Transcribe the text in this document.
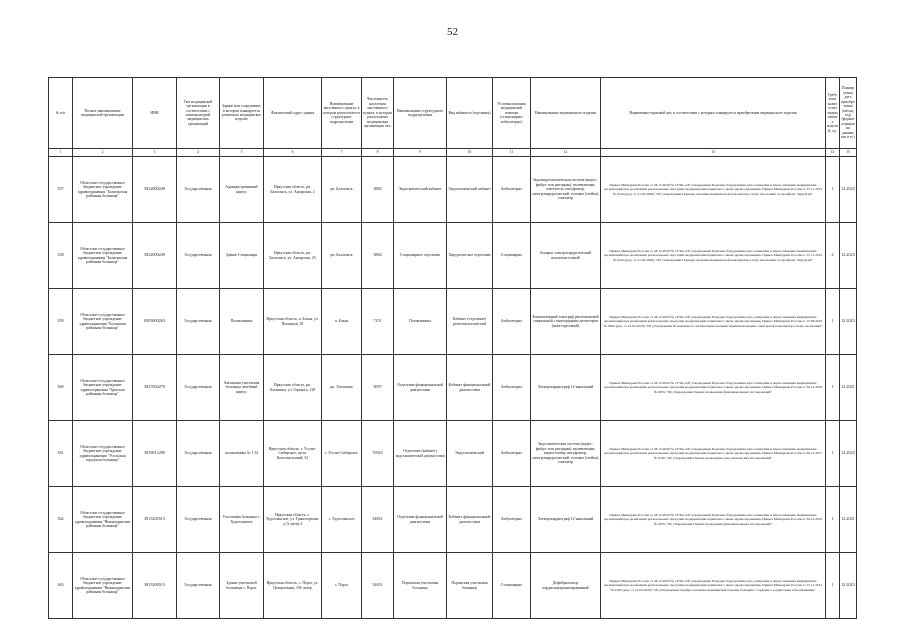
52
№ п/п	Полное наименование медицинской организации	ИНН	Тип медицинской организации в соответствии с номенклатурой медицинских организаций	Здание или сооружение, в котором планируется размещать медицинское изделие	Фактический адрес здания	Наименование населённого пункта, в котором располагается структурное подразделение	Численность населения населённого пункта, в котором расположена медицинская организация чел.	Наименование структурного подразделения	Вид кабинета (отделения)	Условия оказания медицинской помощи (стационарно/амбулаторно)	Наименование медицинского изделия	Нормативно-правовой акт, в соответствии с которым планируется приобретение медицинского изделия	Требуемое количество медицинских изделий, ед.	Планируемая дата приобретения (месяц, год) (формат отражения данных мм.гггг.)
1	2	3	4	5	6	7	8	9	10	11	12	13	14	15
357	Областное государственное бюджетное учреждение здравоохранения "Балаганская районная больница"	3822000249	Государственная	Административный корпус	Иркутская область, рп. Балаганск, ул. Ангарская, 2	рп. Балаганск	3882	Эндоскопический кабинет	Эндоскопический кабинет	Амбулаторно	Эндовидеоскопическая система (видео-, фибро- или ригидная), включающая: осветитель, инсуфлятор, электрохирургический, тележка (стойка), тонометр	Приказ Минздрава России от 28.12.2020 № 1379н «Об утверждении Перечня оборудования для оснащения и переоснащения медицинских организаций при реализации региональных программ модернизации первичного звена здравоохранения» Приказ Минздрава России от 15.11.2012 № 922н (ред. от 21.02.2020) "Об утверждении Порядка оказания медицинской помощи взрослому населению по профилю "хирургия"	1	12.2023
358	Областное государственное бюджетное учреждение здравоохранения "Балаганская районная больница"	3822000249	Государственная	Здание Стационара	Иркутская область, рп. Балаганск, ул. Ангарская, 25	рп. Балаганск	3882	Стационарное отделение	Хирургическое отделение	Стационарно	Аппарат электрохирургический высокочастотный	Приказ Минздрава России от 28.12.2020 № 1379н «Об утверждении Перечня оборудования для оснащения и переоснащения медицинских организаций при реализации региональных программ модернизации первичного звена здравоохранения» Приказ Минздрава России от 15.11.2012 № 922н (ред. от 21.02.2020) "Об утверждении Порядка оказания медицинской помощи взрослому населению по профилю "хирургия"	4	12.2023
359	Областное государственное бюджетное учреждение здравоохранения "Боханская районная больница"	8503000263	Государственная	Поликлиника	Иркутская область, п. Бохан, ул. Пионеров, 28	п. Бохан	7151	Поликлиника	Кабинет (отделение) рентгенологический	Амбулаторно	Компьютерный томограф рентгеновский спиральный с многорядным детектором (многосрезовый)	Приказ Минздрава России от 28.12.2020 № 1379н «Об утверждении Перечня оборудования для оснащения и переоснащения медицинских организаций при реализации региональных программ модернизации первичного звена здравоохранения» Приказ Минздрава России от 15.06.2022 № 560н (ред. от 21.02.2020) "Об утверждении Положения об организации оказания первичной медико-санитарной помощи взрослому населению"	1	12.2023
360	Областное государственное бюджетное учреждение здравоохранения "Братская районная больница"	3827004279	Государственная	Анганская участковая больница лечебный корпус	Иркутская область, рп. Хагашица, ул. Горького, 128	рп. Хагашица	3097	Отделение функциональной диагностики	Кабинет функциональной диагностики	Амбулаторно	Электрокардиограф 12-канальный	Приказ Минздрава России от 28.12.2020 № 1379н «Об утверждении Перечня оборудования для оснащения и переоснащения медицинских организаций при реализации региональных программ модернизации первичного звена здравоохранения» Приказ Минздрава России от 26.12.2016 № 997н "Об утверждении Правил проведения функциональных исследований"	1	12.2021
361	Областное государственное бюджетное учреждение здравоохранения "Усольская городская больница"	3819012290	Государственная	поликлиника № 1 54	Иркутская область, г. Усолье-Сибирское, пр-кт Комсомольский, 54	г. Усолье-Сибирское	76925	Отделение (кабинет) эндоскопической диагностики	Эндоскопический	Амбулаторно	Эндоскопическая система (видео-, фибро- или ригидная), включающая: видеоголовку, инсуфлятор, электрохирургический, тележка (стойка), тонометр	Приказ Минздрава России от 28.12.2020 № 1379н «Об утверждении Перечня оборудования для оснащения и переоснащения медицинских организаций при реализации региональных программ модернизации первичного звена здравоохранения» Приказ Минздрава России от 06.12.2017 № 974н "Об утверждении Правил проведения эндоскопических исследований"	1	12.2023
362	Областное государственное бюджетное учреждение здравоохранения "Нижнеудинская районная больница"	3813200515	Государственная	Участковая больница с. Худоеланское	Иркутская область, с. Худоеланское, ул. Транспортная, д.7а литер 2	с. Худоеланское	34651	Отделение функциональной диагностики	Кабинет функциональной диагностики	Амбулаторно	Электрокардиограф 12-канальный	Приказ Минздрава России от 28.12.2020 № 1379н «Об утверждении Перечня оборудования для оснащения и переоснащения медицинских организаций при реализации региональных программ модернизации первичного звена здравоохранения» Приказ Минздрава России от 26.12.2016 № 997н "Об утверждении Правил проведения функциональных исследований"	1	12.2021
363	Областное государственное бюджетное учреждение здравоохранения "Нижнеудинская районная больница"	3813200515	Государственная	Здание участковой больницы с. Порог	Иркутская область, с. Порог, ул. Центральная, 196 литер	с. Порог	34651	Порожская участковая больница	Порожская участковая больница	Стационарно	Дефибриллятор кардиосинхронизированный	Приказ Минздрава России от 28.12.2020 № 1379н «Об утверждении Перечня оборудования для оснащения и переоснащения медицинских организаций при реализации региональных программ модернизации первичного звена здравоохранения» Приказ Минздрава России от 15.11.2012 № 918н (ред. от 21.02.2020) "Об утверждении порядка оказания медицинской помощи больным с сердечно-сосудистыми заболеваниями"	1	12.2023
